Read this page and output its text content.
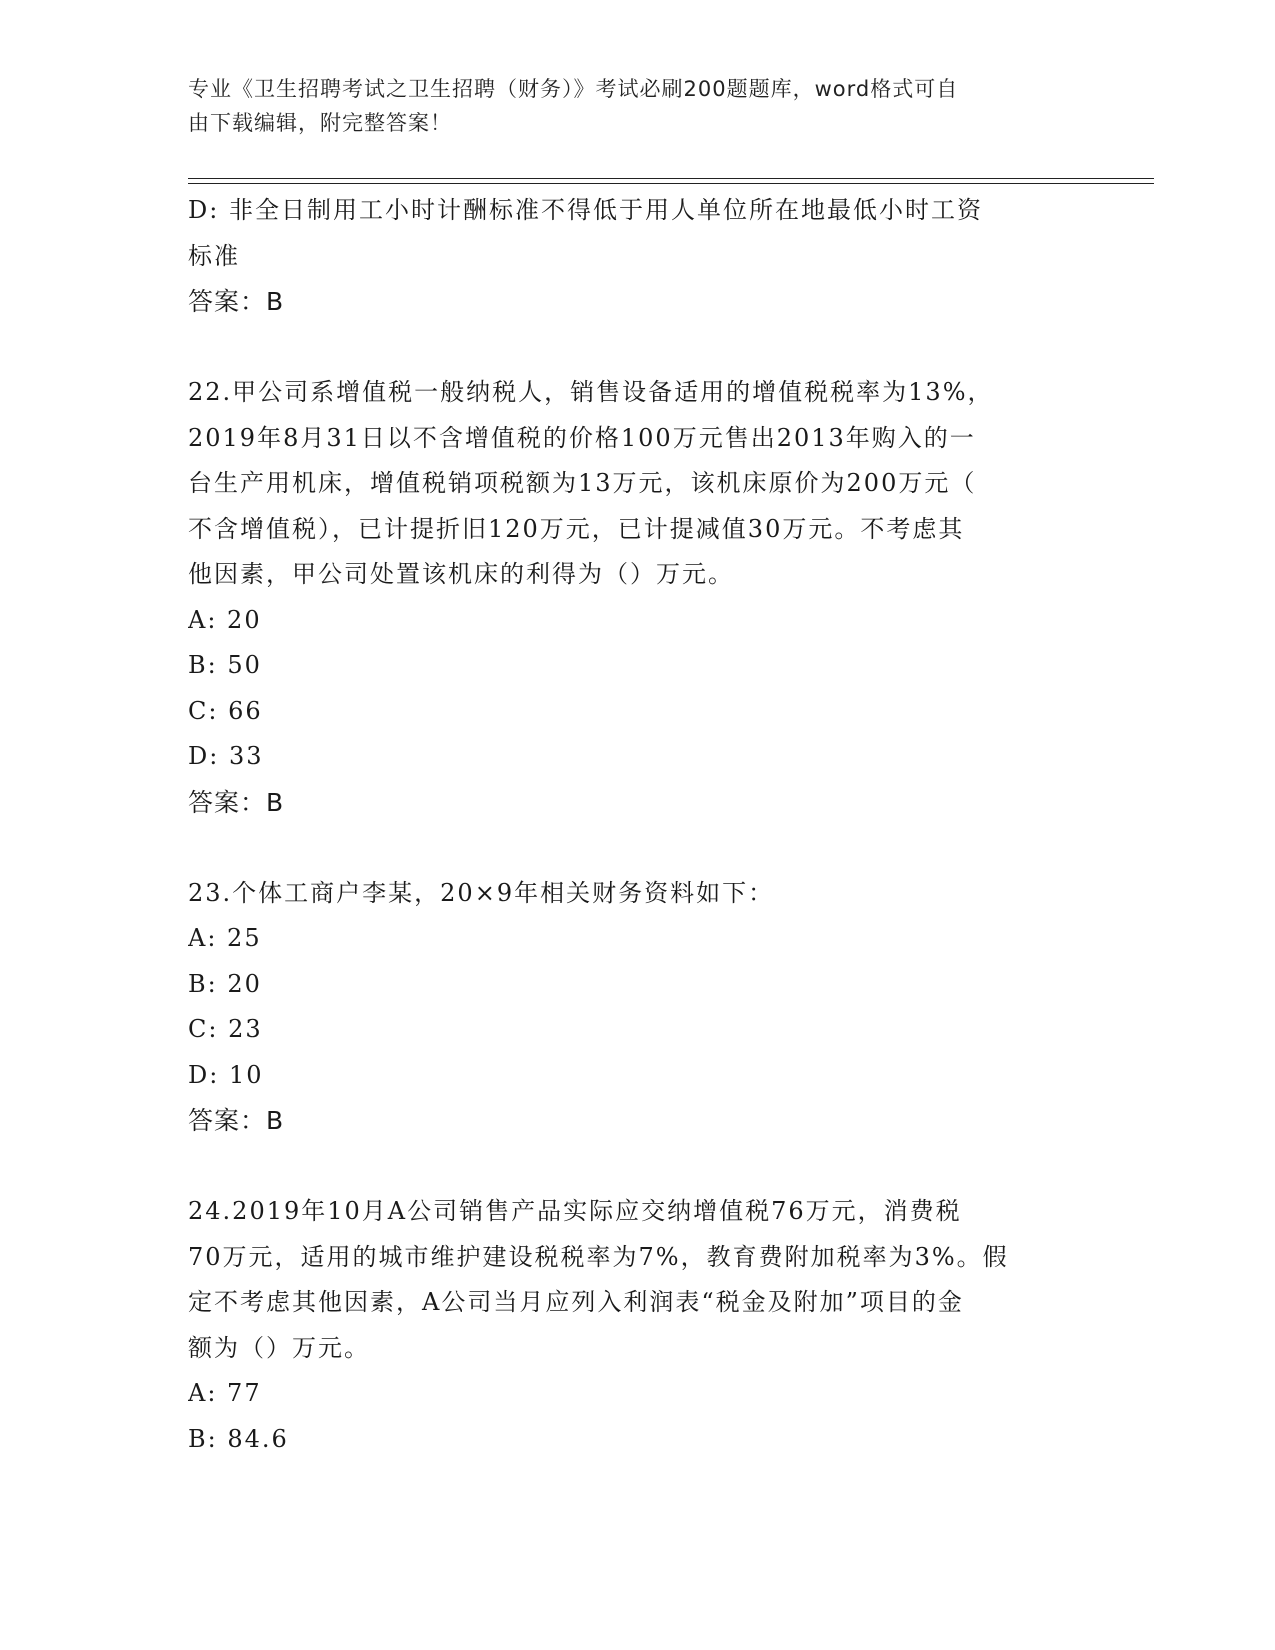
专业《卫生招聘考试之卫生招聘（财务）》考试必刷200题题库，word格式可自
由下载编辑，附完整答案！
D: 非全日制用工小时计酬标准不得低于用人单位所在地最低小时工资
标准
答案：B
22.甲公司系增值税一般纳税人，销售设备适用的增值税税率为13%，
2019年8月31日以不含增值税的价格100万元售出2013年购入的一
台生产用机床，增值税销项税额为13万元，该机床原价为200万元（
不含增值税），已计提折旧120万元，已计提减值30万元。不考虑其
他因素，甲公司处置该机床的利得为（）万元。
A: 20
B: 50
C: 66
D: 33
答案：B
23.个体工商户李某，20×9年相关财务资料如下：
A: 25
B: 20
C: 23
D: 10
答案：B
24.2019年10月A公司销售产品实际应交纳增值税76万元，消费税
70万元，适用的城市维护建设税税率为7%，教育费附加税率为3%。假
定不考虑其他因素，A公司当月应列入利润表“税金及附加”项目的金
额为（）万元。
A: 77
B: 84.6
